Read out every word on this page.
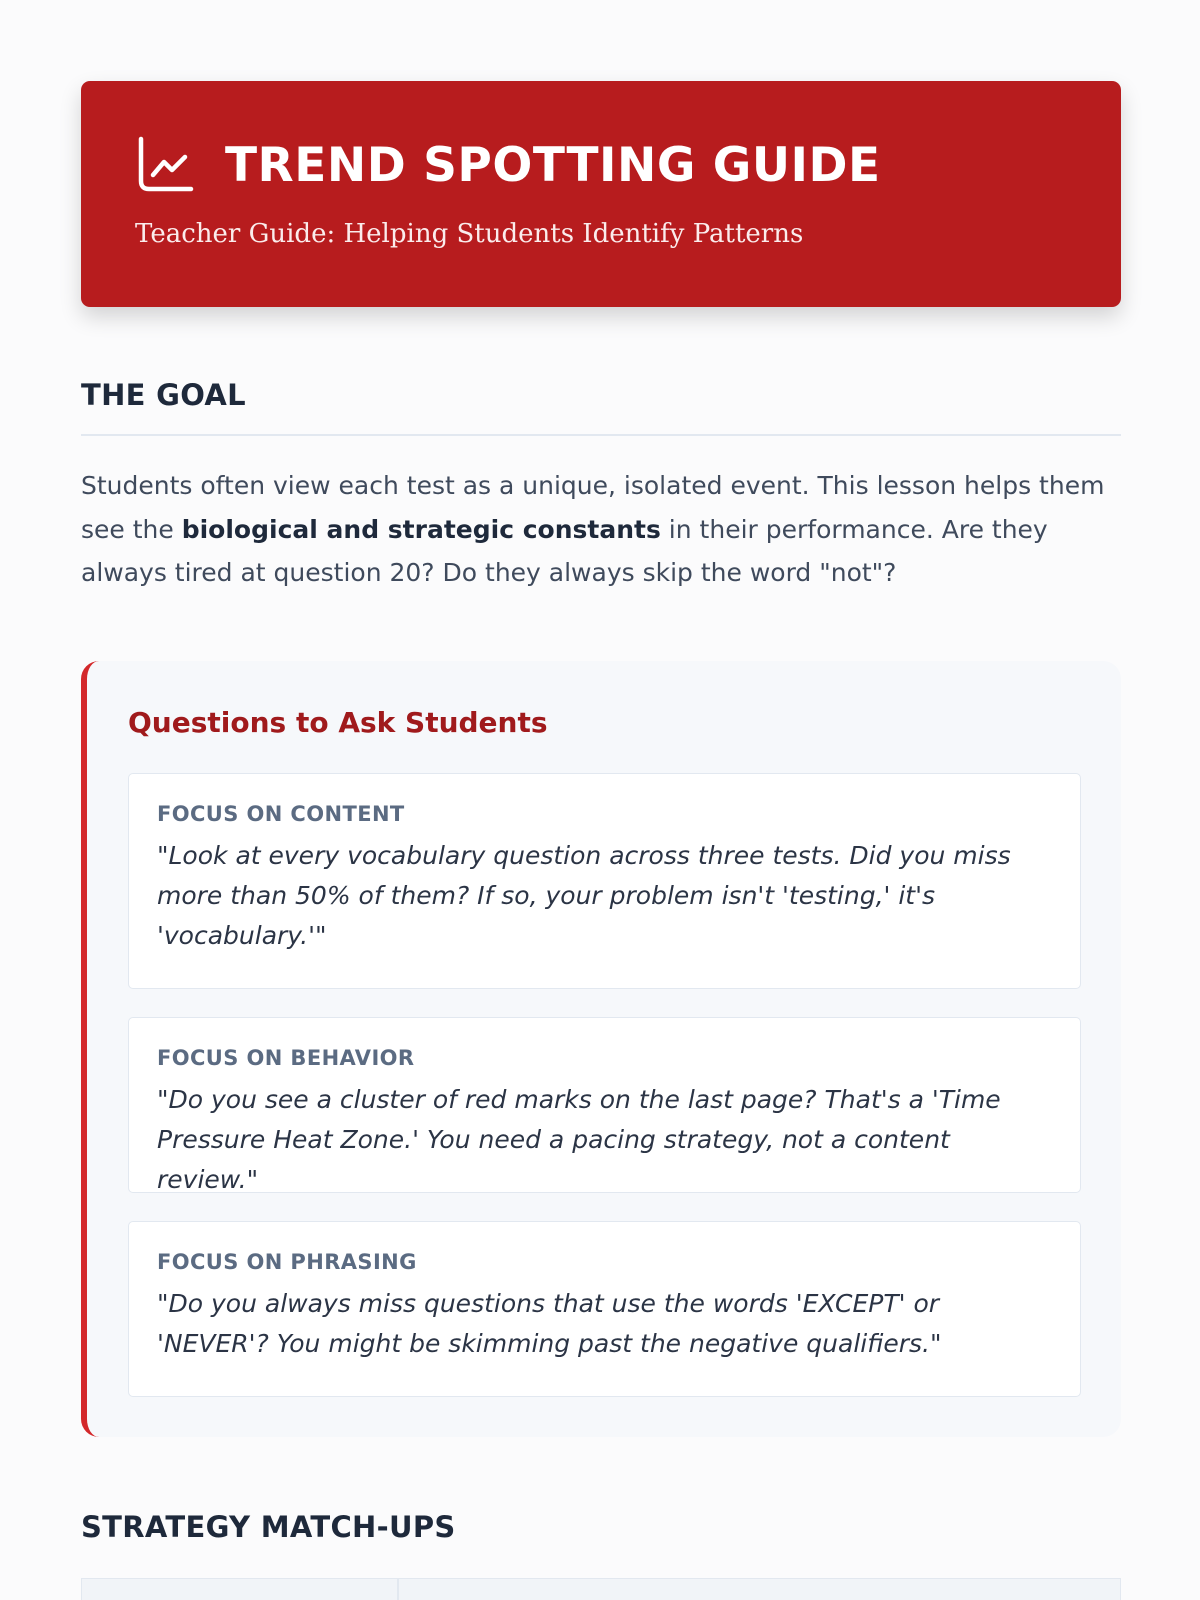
TREND SPOTTING GUIDE
Teacher Guide: Helping Students Identify Patterns
THE GOAL

Students often view each test as a unique, isolated event. This lesson helps them see the biological and strategic constants in their performance. Are they always tired at question 20? Do they always skip the word "not"?

Questions to Ask Students
FOCUS ON CONTENT
"Look at every vocabulary question across three tests. Did you miss more than 50% of them? If so, your problem isn't 'testing,' it's 'vocabulary.'"
FOCUS ON BEHAVIOR
"Do you see a cluster of red marks on the last page? That's a 'Time Pressure Heat Zone.' You need a pacing strategy, not a content review."
FOCUS ON PHRASING
"Do you always miss questions that use the words 'EXCEPT' or 'NEVER'? You might be skimming past the negative qualifiers."
STRATEGY MATCH-UPS
